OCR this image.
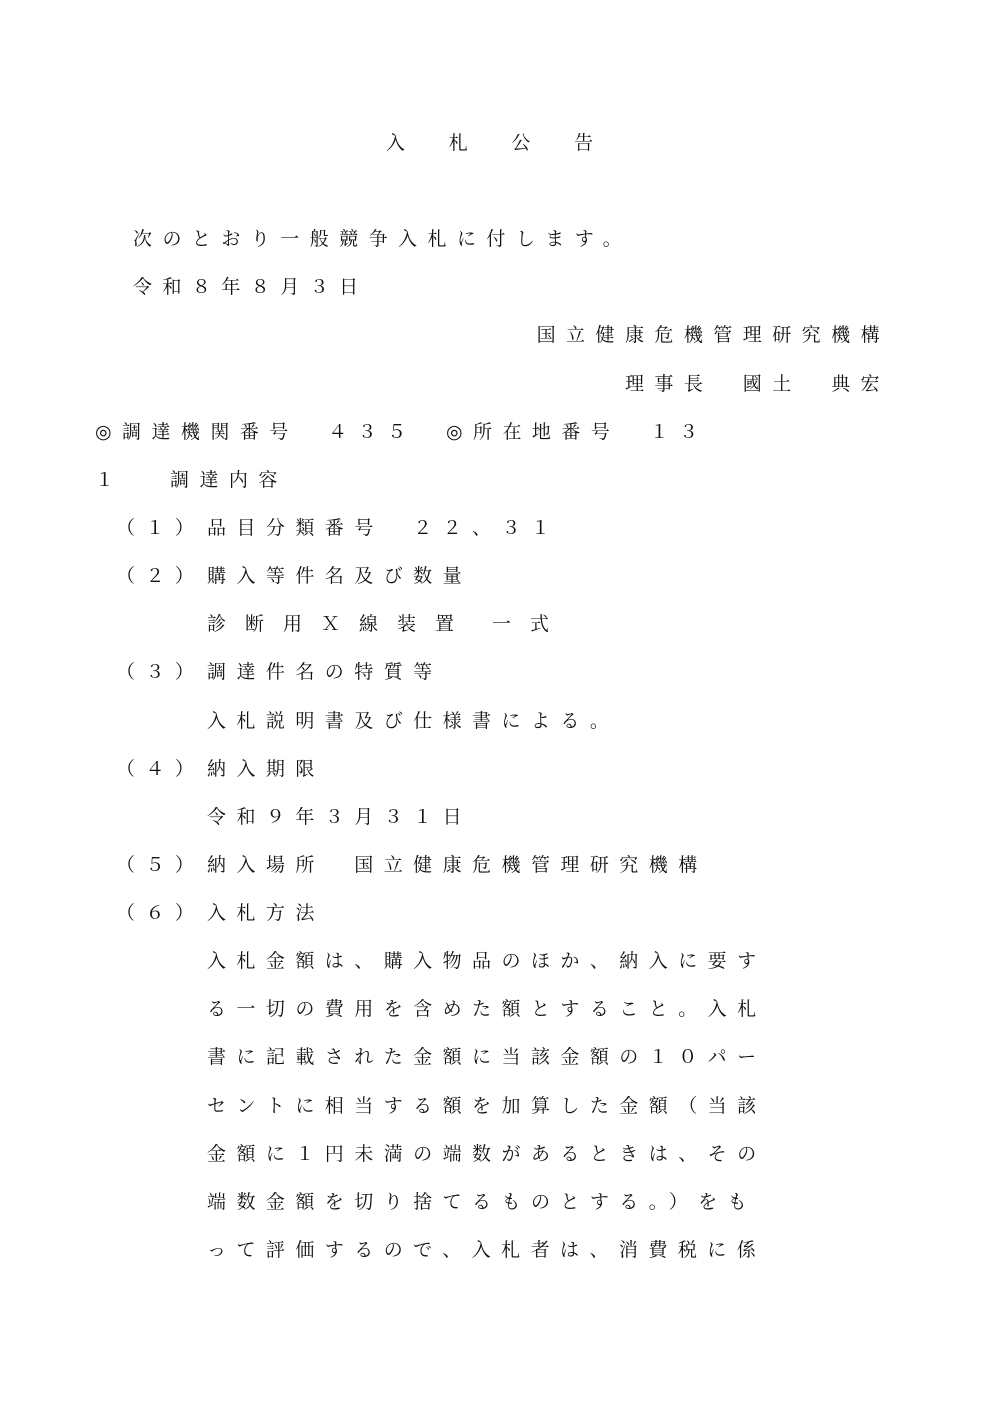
入札公告
次のとおり一般競争入札に付します。
令和８年８月３日
国立健康危機管理研究機構
理事長　國土　典宏
◎調達機関番号　４３５　◎所在地番号　１３
１	調達内容
（１） 品目分類番号　２２、３１
（２） 購入等件名及び数量
診　断　用　Ｘ　線　装　置　　一　式
（３） 調達件名の特質等
入札説明書及び仕様書による。
（４） 納入期限
令和９年３月３１日
（５） 納入場所　国立健康危機管理研究機構
（６） 入札方法
入札金額は、購入物品のほか、納入に要す
る一切の費用を含めた額とすること。入札
書に記載された金額に当該金額の１０パー
セントに相当する額を加算した金額（当該
金額に１円未満の端数があるときは、その
端数金額を切り捨てるものとする。）をも
って評価するので、入札者は、消費税に係
